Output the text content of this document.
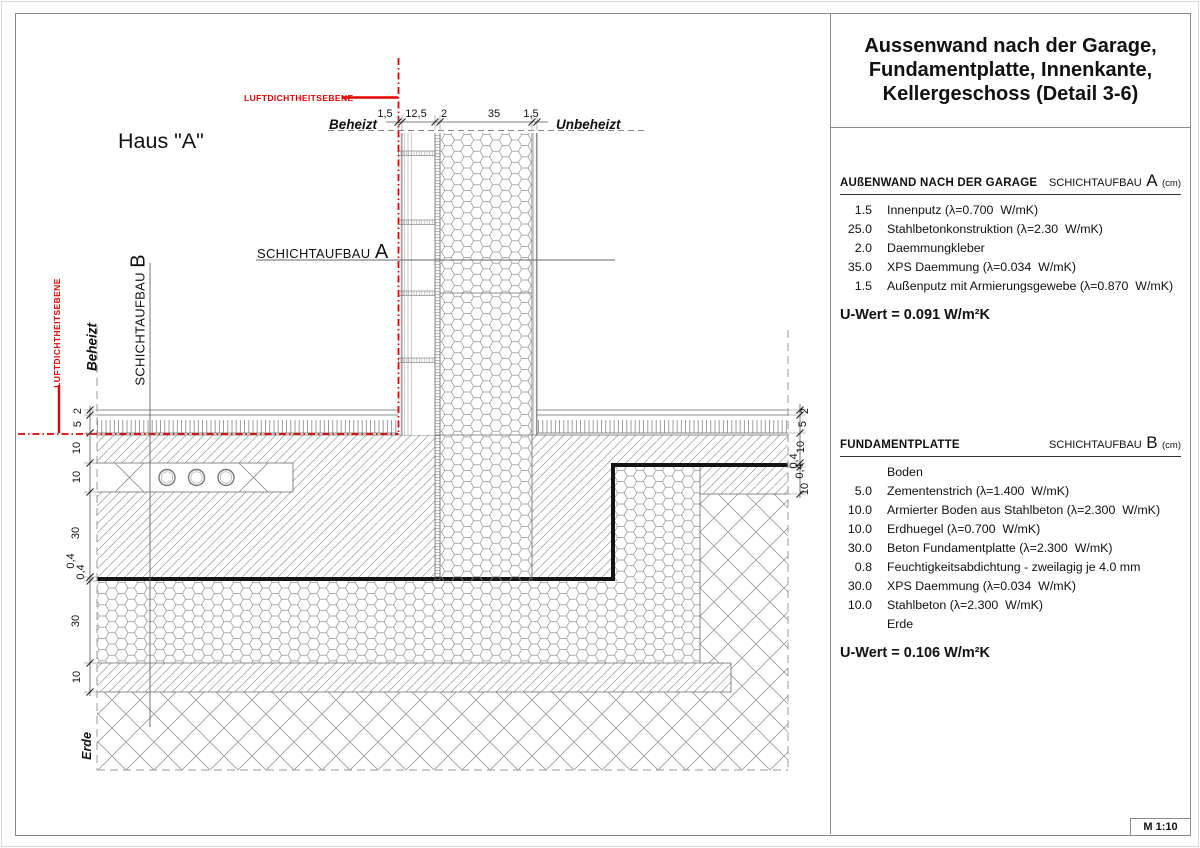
Haus "A"
Beheizt	Unbeheizt
LUFTDICHTHEITSEBENE
LUFTDICHTHEITSEBENE Beheizt
SCHICHTAUFBAU A
SCHICHTAUFBAU B
Erde
1,5 12,5 2	35 1,5
2
5
10
10
30
0,4
0,4
30
10
2
5
10
0,4
0,4
10
Aussenwand nach der Garage,
Fundamentplatte, Innenkante,
Kellergeschoss (Detail 3-6)
AUßENWAND NACH DER GARAGE SCHICHTAUFBAU A (cm)
1.5 Innenputz (λ=0.700  W/mK)
25.0 Stahlbetonkonstruktion (λ=2.30  W/mK)
2.0 Daemmungkleber
35.0 XPS Daemmung (λ=0.034  W/mK)
1.5 Außenputz mit Armierungsgewebe (λ=0.870  W/mK)
U-Wert = 0.091 W/m²K
FUNDAMENTPLATTE	SCHICHTAUFBAU B (cm)
Boden
5.0 Zementenstrich (λ=1.400  W/mK)
10.0 Armierter Boden aus Stahlbeton (λ=2.300  W/mK)
10.0 Erdhuegel (λ=0.700  W/mK)
30.0 Beton Fundamentplatte (λ=2.300  W/mK)
0.8 Feuchtigkeitsabdichtung - zweilagig je 4.0 mm
30.0 XPS Daemmung (λ=0.034  W/mK)
10.0 Stahlbeton (λ=2.300  W/mK)
Erde
U-Wert = 0.106 W/m²K
M 1:10
